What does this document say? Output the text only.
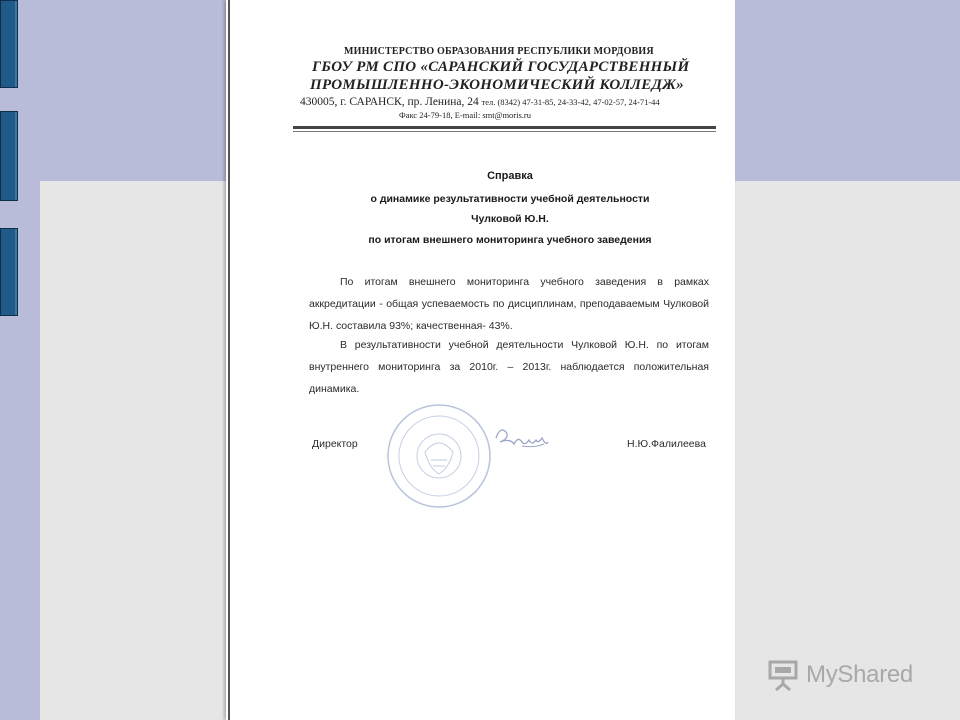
МИНИСТЕРСТВО ОБРАЗОВАНИЯ РЕСПУБЛИКИ МОРДОВИЯ
ГБОУ РМ СПО «САРАНСКИЙ ГОСУДАРСТВЕННЫЙ
ПРОМЫШЛЕННО-ЭКОНОМИЧЕСКИЙ КОЛЛЕДЖ»
430005, г. САРАНСК, пр. Ленина, 24 тел. (8342) 47-31-85, 24-33-42, 47-02-57, 24-71-44
Факс 24-79-18, E-mail: smt@moris.ru
Справка
о динамике результативности учебной деятельности
Чулковой Ю.Н.
по итогам внешнего мониторинга учебного заведения
По итогам внешнего мониторинга учебного заведения в рамках аккредитации - общая успеваемость по дисциплинам, преподаваемым Чулковой Ю.Н. составила 93%; качественная- 43%.
В результативности учебной деятельности Чулковой Ю.Н. по итогам внутреннего мониторинга за 2010г. – 2013г. наблюдается положительная динамика.
Директор	Н.Ю.Фалилеева
MyShared
